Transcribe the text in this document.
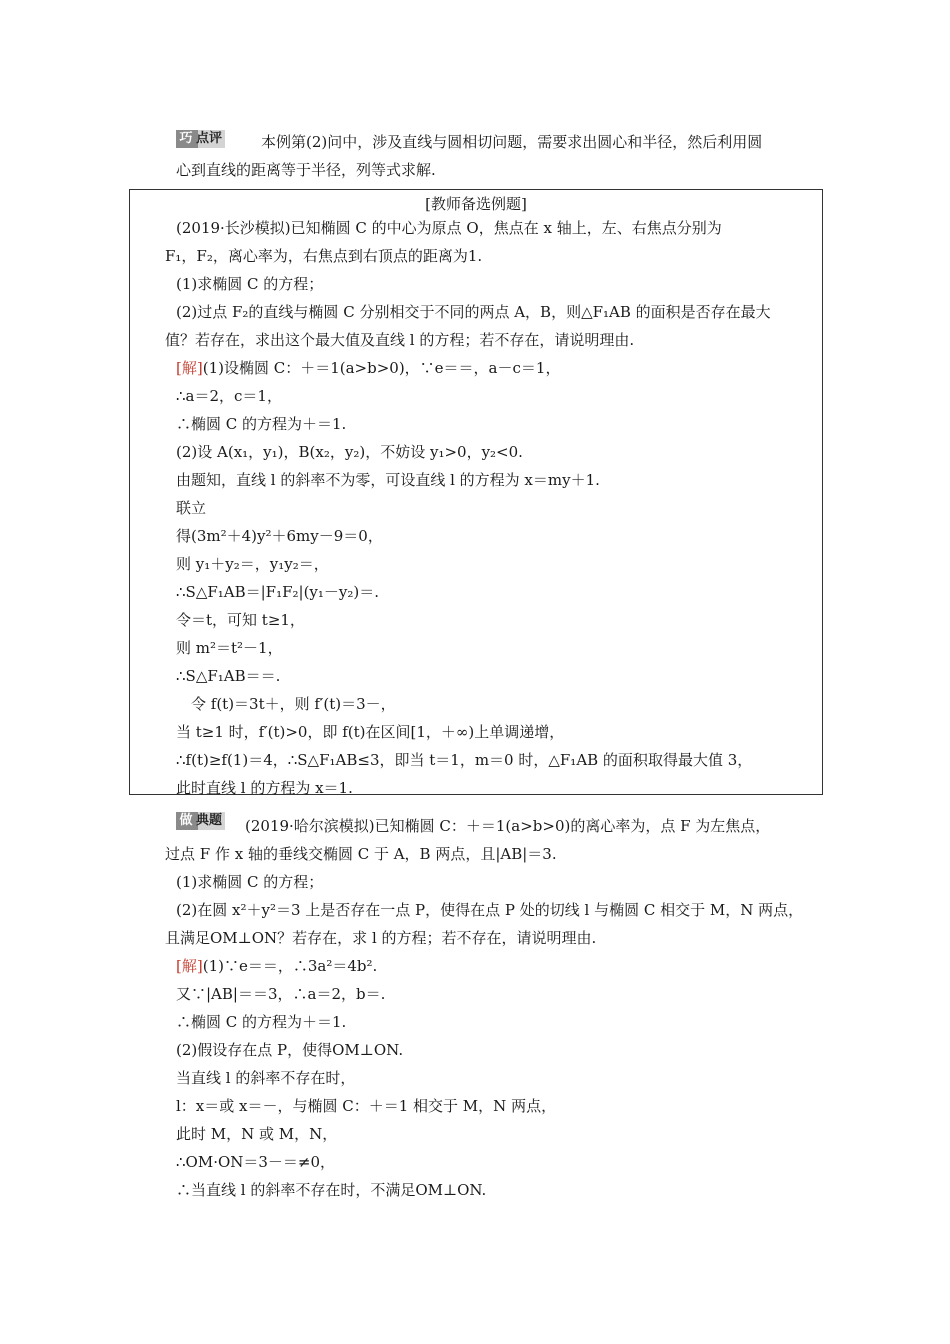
巧 点评	本例第(2)问中，涉及直线与圆相切问题，需要求出圆心和半径，然后利用圆
心到直线的距离等于半径，列等式求解.
[教师备选例题]
(2019·长沙模拟)已知椭圆 C 的中心为原点 O，焦点在 x 轴上，左、右焦点分别为
F₁，F₂，离心率为，右焦点到右顶点的距离为1.
(1)求椭圆 C 的方程；
(2)过点 F₂的直线与椭圆 C 分别相交于不同的两点 A，B，则△F₁AB 的面积是否存在最大
值？若存在，求出这个最大值及直线 l 的方程；若不存在，请说明理由.
[解](1)设椭圆 C：＋＝1(a>b>0)，∵e＝＝，a－c＝1，
∴a＝2，c＝1，
∴椭圆 C 的方程为＋＝1.
(2)设 A(x₁，y₁)，B(x₂，y₂)，不妨设 y₁>0，y₂<0.
由题知，直线 l 的斜率不为零，可设直线 l 的方程为 x＝my＋1.
联立
得(3m²＋4)y²＋6my－9＝0，
则 y₁＋y₂＝，y₁y₂＝，
∴S△F₁AB＝|F₁F₂|(y₁－y₂)＝.
令＝t，可知 t≥1，
则 m²＝t²－1，
∴S△F₁AB＝＝.
　令 f(t)＝3t＋，则 f′(t)＝3－，
当 t≥1 时，f′(t)>0，即 f(t)在区间[1，＋∞)上单调递增，
∴f(t)≥f(1)＝4，∴S△F₁AB≤3，即当 t＝1，m＝0 时，△F₁AB 的面积取得最大值 3，
此时直线 l 的方程为 x＝1.
做 典题 (2019·哈尔滨模拟)已知椭圆 C：＋＝1(a>b>0)的离心率为，点 F 为左焦点，
过点 F 作 x 轴的垂线交椭圆 C 于 A，B 两点，且|AB|＝3.
(1)求椭圆 C 的方程；
(2)在圆 x²＋y²＝3 上是否存在一点 P，使得在点 P 处的切线 l 与椭圆 C 相交于 M，N 两点，
且满足OM⊥ON？若存在，求 l 的方程；若不存在，请说明理由.
[解](1)∵e＝＝，∴3a²＝4b².
又∵|AB|＝＝3，∴a＝2，b＝.
∴椭圆 C 的方程为＋＝1.
(2)假设存在点 P，使得OM⊥ON.
当直线 l 的斜率不存在时，
l：x＝或 x＝－，与椭圆 C：＋＝1 相交于 M，N 两点，
此时 M，N 或 M，N，
∴OM·ON＝3－＝≠0，
∴当直线 l 的斜率不存在时，不满足OM⊥ON.
